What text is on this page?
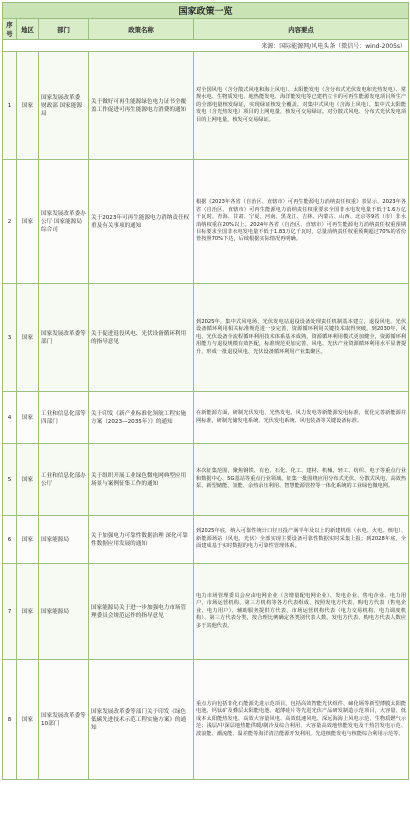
国家政策一览				
序号	地区	部门	政策名称	内容要点
来源：国际能源网/风电头条（微信号：wind-2005s）				
1	国家	国家发展改革委 财政部 国家能源局	关于做好可再生能源绿色电力证书全覆盖工作促进可再生能源电力消费的通知	对全国风电（含分散式风电和海上风电）、太阳能发电（含分布式光伏发电和光热发电）、常规水电、生物质发电、地热能发电、海洋能发电等已建档立卡的可再生能源发电项目所生产的全部电量核发绿证，实现绿证核发全覆盖。对集中式风电（含海上风电）、集中式太阳能发电（含光热发电）项目的上网电量，核发可交易绿证。对分散式风电、分布式光伏发电项目的上网电量，核发可交易绿证。
2	国家	国家发展改革委办公厅 国家能源局综合司	关于2023年可再生能源电力消纳责任权重及有关事项的通知	根据《2023年各省（自治区、直辖市）可再生能源电力消纳责任权重》表显示，2023年各省（自治区、直辖市）可再生能源电力消纳责任权重要求全国非水电发电量不低于1.6万亿千瓦时。青海、甘肃、宁夏、河南、黑龙江、吉林、内蒙古、山西、北京等9省（市）非水消纳权重在20%以上。2024年各省（自治区、直辖市）可再生能源电力消纳责任权重预期目标要求全国非水电发电量不低于1.83万亿千瓦时，总量消纳责任权重预期超过70%的省份皆按照70%下达，后续根据实际情况再明确。
3	国家	国家发展改革委等部门	关于促进退役风电、光伏设备循环利用的指导意见	到2025年，集中式风电场、光伏发电站退役设备处理责任机制基本建立，退役风电、光伏设备循环利用相关标准规范进一步完善，资源循环利用关键技术取得突破。到2030年，风电、光伏设备全流程循环利用技术体系基本成熟，资源循环利用模式更加健全，资源循环利用能力与退役规模有效匹配，标准规范更加完善，风电、光伏产业资源循环利用水平显著提升，形成一批退役风电、光伏设备循环利用产业集聚区。
4	国家	工业和信息化部等四部门	关于印发《新产业标准化领航工程实施方案（2023—2035年）》的通知	在新能源方面，研制光伏发电、光热发电、风力发电等新能源发电标准，优化完善新能源并网标准，研制光储发电系统、光伏发电系统、风电装备等关键设备标准。
5	国家	工业和信息化部办公厅	关于组织开展工业绿色微电网典型应用场景与案例征集工作的通知	本次征集范围，聚焦钢铁、有色、石化、化工、建材、机械、轻工、纺织、电子等重点行业和数据中心、5G基站等重点行业领域，征集一批围绕应用分布式光伏、分散式风电、高效热泵、新型储能、氢能、余热余压利用、智慧能源管控等一体化系统的工业绿色微电网。
6	国家	国家能源局	关于加强电力可靠性数据治理 深化可靠性数据应用发展的通知	到2025年底，纳入可靠性统计口径且投产满半年及以上的新建机组（水电、火电、核电）、新能源场站（风电、光伏）全部实现主要设备可靠性数据实时采集上报；到2028年底，全面建成基于实时数据的电力可靠性管理体系。
7	国家	国家能源局	国家能源局关于进一步加强电力市场管理委员会规范运作的指导意见	电力市场管理委员会应由电网企业（含增量配电网企业）、发电企业、售电企业、电力用户、市场运营机构、第三方机构等各方代表组成，按照发电方代表、购电方代表（售电企业、电力用户）、辅助服务提供方代表、市场运营机构代表（电力交易机构、电力调度机构）、第三方代表分类，按合理比例确定各类别代表人数。发电方代表、购电方代表人数应多于其他代表。
8	国家	国家发展改革委等10部门	国家发展改革委等部门关于印发《绿色低碳先进技术示范工程实施方案》的通知	重点方向包括非化石能源先进示范项目，包括高效智能光伏组件、碲化镉等新型薄膜太阳能电池、钙钛矿及叠层太阳能电池、超薄硅片等先进光伏产品研发制造示范项目，大容量、低成本太阳能热发电、高效大容量风电、高效低速风电、深远海海上风电示范、生物质燃气示范；浅层/中深层地热能供暖/制冷及综合利用、大容量高效地热能发电及干热岩发电示范、波浪能、潮流能、温差能等海洋清洁能源开发利用，先进核能发电与核能综合利用示范等。
